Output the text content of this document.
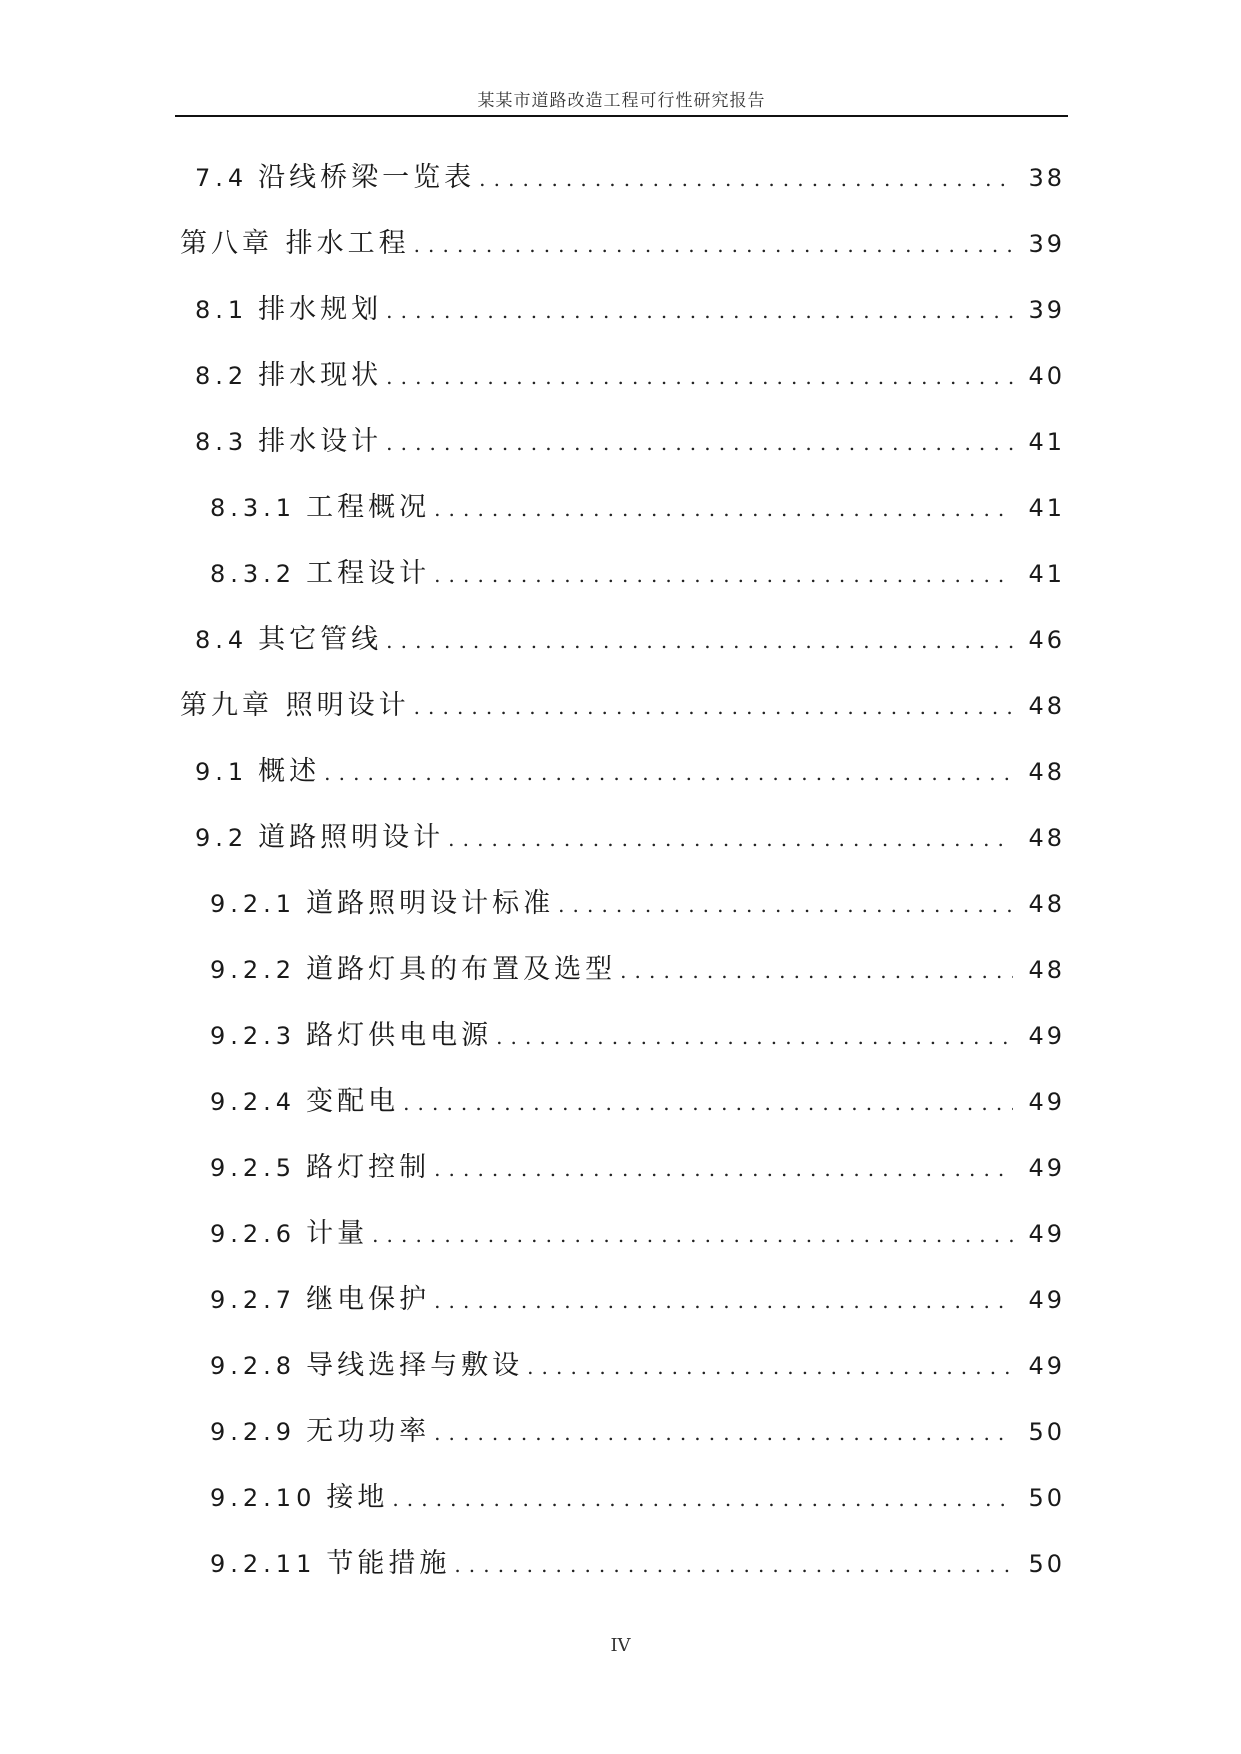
某某市道路改造工程可行性研究报告
7.4 沿线桥梁一览表 .....	38
第八章 排水工程 .....	39
8.1 排水规划 .....	39
8.2 排水现状 .....	40
8.3 排水设计 .....	41
8.3.1 工程概况 .....	41
8.3.2 工程设计 .....	41
8.4 其它管线 .....	46
第九章 照明设计 .....	48
9.1 概述 .....	48
9.2 道路照明设计 .....	48
9.2.1 道路照明设计标准 .....	48
9.2.2 道路灯具的布置及选型 .....	48
9.2.3 路灯供电电源 .....	49
9.2.4 变配电 .....	49
9.2.5 路灯控制 .....	49
9.2.6 计量 .....	49
9.2.7 继电保护 .....	49
9.2.8 导线选择与敷设 .....	49
9.2.9 无功功率 .....	50
9.2.10 接地 .....	50
9.2.11 节能措施 .....	50
IV
